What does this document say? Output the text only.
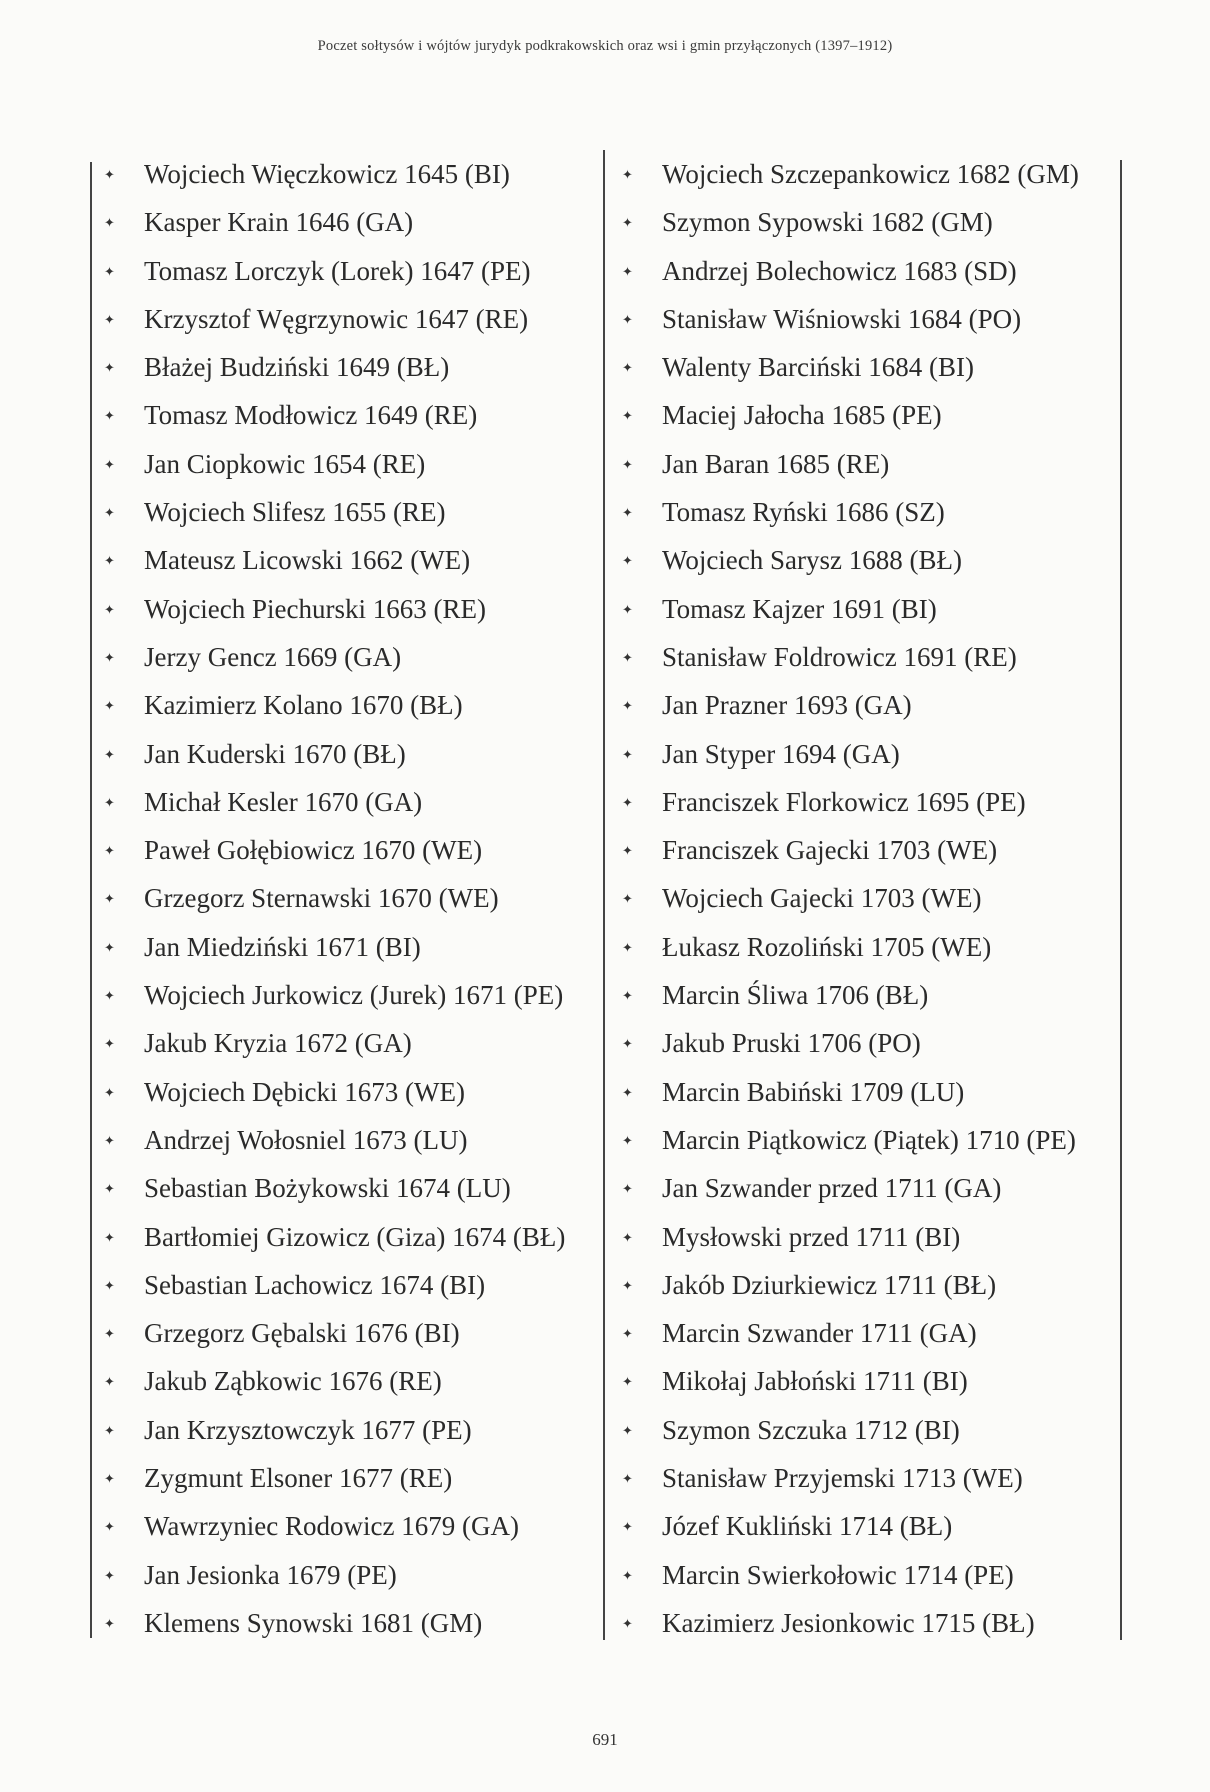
Poczet sołtysów i wójtów jurydyk podkrakowskich oraz wsi i gmin przyłączonych (1397–1912)
✦ Wojciech Więczkowicz 1645 (BI)
✦ Kasper Krain 1646 (GA)
✦ Tomasz Lorczyk (Lorek) 1647 (PE)
✦ Krzysztof Węgrzynowic 1647 (RE)
✦ Błażej Budziński 1649 (BŁ)
✦ Tomasz Modłowicz 1649 (RE)
✦ Jan Ciopkowic 1654 (RE)
✦ Wojciech Slifesz 1655 (RE)
✦ Mateusz Licowski 1662 (WE)
✦ Wojciech Piechurski 1663 (RE)
✦ Jerzy Gencz 1669 (GA)
✦ Kazimierz Kolano 1670 (BŁ)
✦ Jan Kuderski 1670 (BŁ)
✦ Michał Kesler 1670 (GA)
✦ Paweł Gołębiowicz 1670 (WE)
✦ Grzegorz Sternawski 1670 (WE)
✦ Jan Miedziński 1671 (BI)
✦ Wojciech Jurkowicz (Jurek) 1671 (PE)
✦ Jakub Kryzia 1672 (GA)
✦ Wojciech Dębicki 1673 (WE)
✦ Andrzej Wołosniel 1673 (LU)
✦ Sebastian Bożykowski 1674 (LU)
✦ Bartłomiej Gizowicz (Giza) 1674 (BŁ)
✦ Sebastian Lachowicz 1674 (BI)
✦ Grzegorz Gębalski 1676 (BI)
✦ Jakub Ząbkowic 1676 (RE)
✦ Jan Krzysztowczyk 1677 (PE)
✦ Zygmunt Elsoner 1677 (RE)
✦ Wawrzyniec Rodowicz 1679 (GA)
✦ Jan Jesionka 1679 (PE)
✦ Klemens Synowski 1681 (GM)
✦ Wojciech Szczepankowicz 1682 (GM)
✦ Szymon Sypowski 1682 (GM)
✦ Andrzej Bolechowicz 1683 (SD)
✦ Stanisław Wiśniowski 1684 (PO)
✦ Walenty Barciński 1684 (BI)
✦ Maciej Jałocha 1685 (PE)
✦ Jan Baran 1685 (RE)
✦ Tomasz Ryński 1686 (SZ)
✦ Wojciech Sarysz 1688 (BŁ)
✦ Tomasz Kajzer 1691 (BI)
✦ Stanisław Foldrowicz 1691 (RE)
✦ Jan Prazner 1693 (GA)
✦ Jan Styper 1694 (GA)
✦ Franciszek Florkowicz 1695 (PE)
✦ Franciszek Gajecki 1703 (WE)
✦ Wojciech Gajecki 1703 (WE)
✦ Łukasz Rozoliński 1705 (WE)
✦ Marcin Śliwa 1706 (BŁ)
✦ Jakub Pruski 1706 (PO)
✦ Marcin Babiński 1709 (LU)
✦ Marcin Piątkowicz (Piątek) 1710 (PE)
✦ Jan Szwander przed 1711 (GA)
✦ Mysłowski przed 1711 (BI)
✦ Jakób Dziurkiewicz 1711 (BŁ)
✦ Marcin Szwander 1711 (GA)
✦ Mikołaj Jabłoński 1711 (BI)
✦ Szymon Szczuka 1712 (BI)
✦ Stanisław Przyjemski 1713 (WE)
✦ Józef Kukliński 1714 (BŁ)
✦ Marcin Swierkołowic 1714 (PE)
✦ Kazimierz Jesionkowic 1715 (BŁ)
691
